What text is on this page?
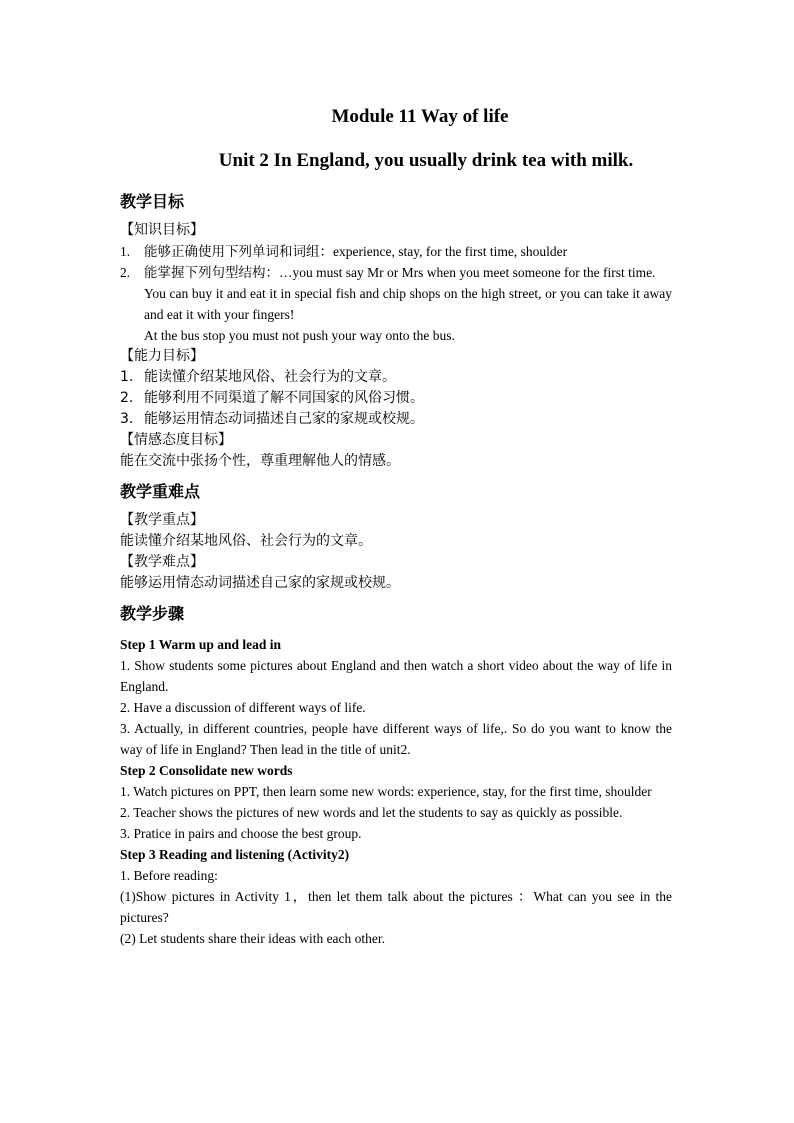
Module 11 Way of life
Unit 2 In England, you usually drink tea with milk.
教学目标
【知识目标】
1.	能够正确使用下列单词和词组：experience, stay, for the first time, shoulder
2.	能掌握下列句型结构：…you must say Mr or Mrs when you meet someone for the first time.
You can buy it and eat it in special fish and chip shops on the high street, or you can take it away and eat it with your fingers!
At the bus stop you must not push your way onto the bus.
【能力目标】
1. 能读懂介绍某地风俗、社会行为的文章。
2. 能够利用不同渠道了解不同国家的风俗习惯。
3. 能够运用情态动词描述自己家的家规或校规。
【情感态度目标】
能在交流中张扬个性，尊重理解他人的情感。
教学重难点
【教学重点】
能读懂介绍某地风俗、社会行为的文章。
【教学难点】
能够运用情态动词描述自己家的家规或校规。
教学步骤
Step 1 Warm up and lead in
1. Show students some pictures about England and then watch a short video about the way of life in England.
2. Have a discussion of different ways of life.
3. Actually, in different countries, people have different ways of life,. So do you want to know the way of life in England? Then lead in the title of unit2.
Step 2 Consolidate new words
1. Watch pictures on PPT, then learn some new words: experience, stay, for the first time, shoulder
2. Teacher shows the pictures of new words and let the students to say as quickly as possible.
3. Pratice in pairs and choose the best group.
Step 3 Reading and listening (Activity2)
1. Before reading:
(1)Show pictures in Activity 1，then let them talk about the pictures ：What can you see in the pictures?
(2) Let students share their ideas with each other.
